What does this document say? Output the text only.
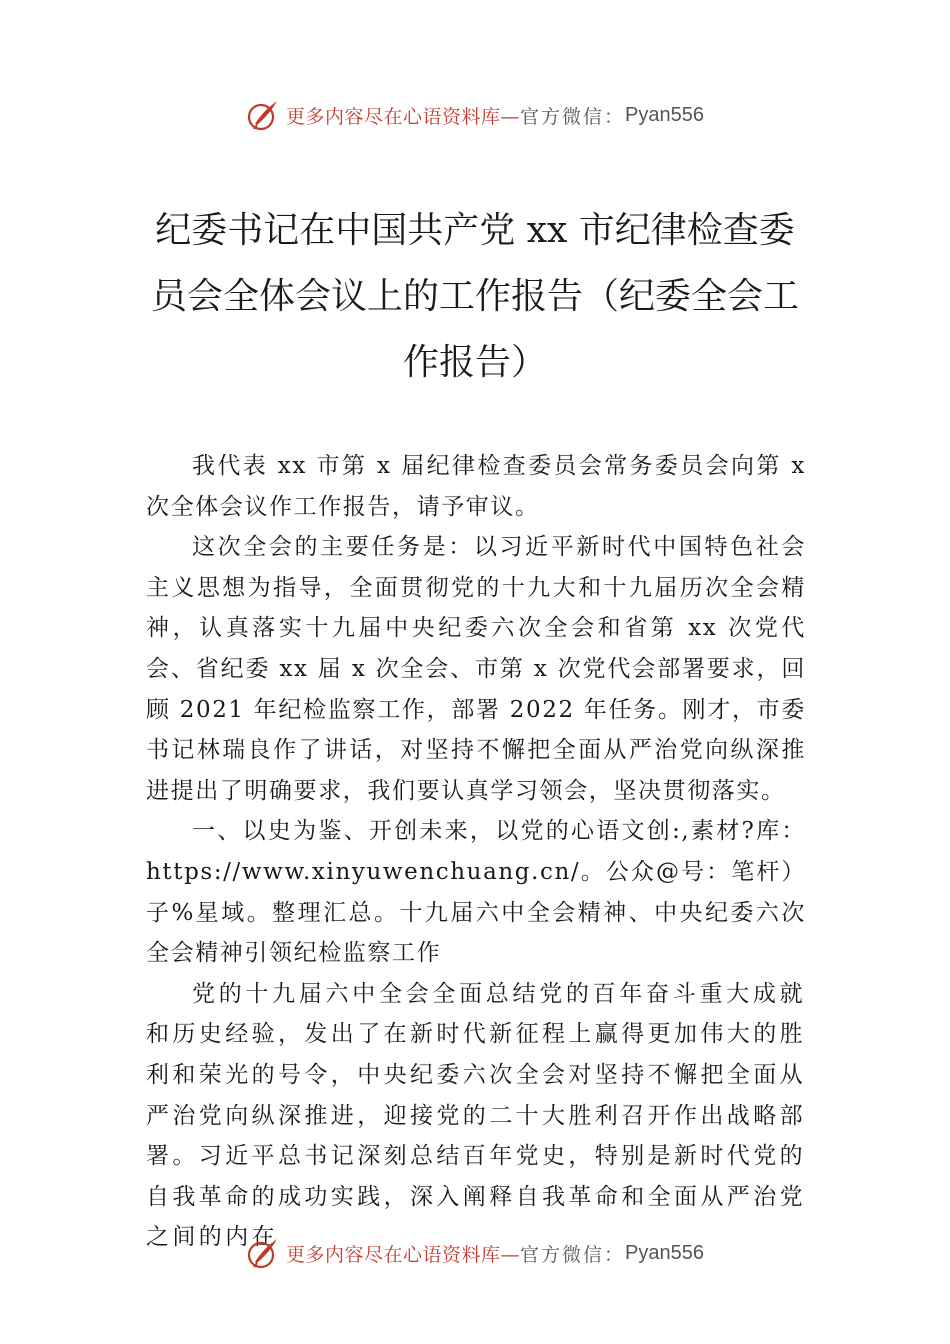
更多内容尽在心语资料库— 官方微信： Pyan556
纪委书记在中国共产党 xx 市纪律检查委员会全体会议上的工作报告（纪委全会工作报告）

我代表 xx 市第 x 届纪律检查委员会常务委员会向第 x 次全体会议作工作报告，请予审议。

这次全会的主要任务是：以习近平新时代中国特色社会主义思想为指导，全面贯彻党的十九大和十九届历次全会精神，认真落实十九届中央纪委六次全会和省第 xx 次党代会、省纪委 xx 届 x 次全会、市第 x 次党代会部署要求，回顾 2021 年纪检监察工作，部署 2022 年任务。刚才，市委书记林瑞良作了讲话，对坚持不懈把全面从严治党向纵深推进提出了明确要求，我们要认真学习领会，坚决贯彻落实。

一、以史为鉴、开创未来，以党的心语文创:,素材?库：https://www.xinyuwenchuang.cn/。公众@号：笔杆）子%星域。整理汇总。十九届六中全会精神、中央纪委六次全会精神引领纪检监察工作

党的十九届六中全会全面总结党的百年奋斗重大成就和历史经验，发出了在新时代新征程上赢得更加伟大的胜利和荣光的号令，中央纪委六次全会对坚持不懈把全面从严治党向纵深推进，迎接党的二十大胜利召开作出战略部署。习近平总书记深刻总结百年党史，特别是新时代党的自我革命的成功实践，深入阐释自我革命和全面从严治党之间的内在

更多内容尽在心语资料库— 官方微信： Pyan556
